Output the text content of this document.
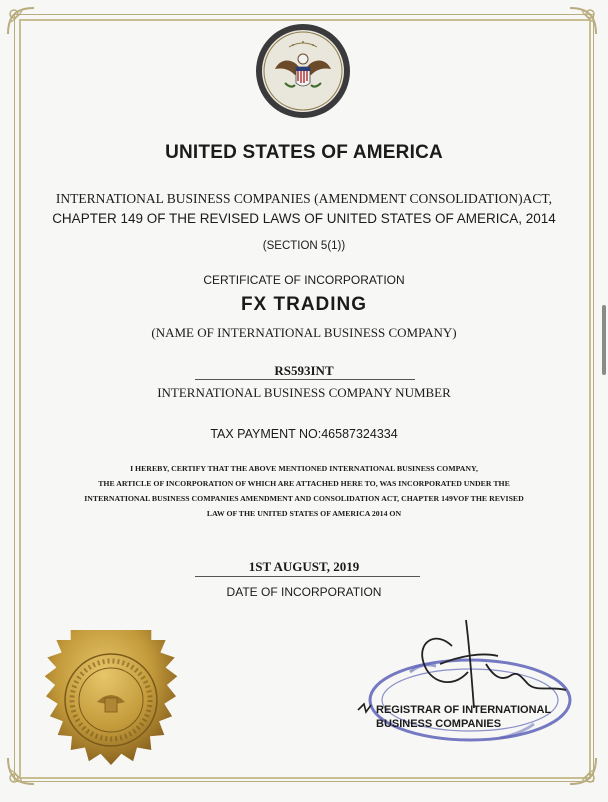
UNITED STATES OF AMERICA
INTERNATIONAL BUSINESS COMPANIES (AMENDMENT CONSOLIDATION)ACT,
CHAPTER 149 OF THE REVISED LAWS OF UNITED STATES OF AMERICA, 2014
(SECTION 5(1))
CERTIFICATE OF INCORPORATION
FX TRADING
(NAME OF INTERNATIONAL BUSINESS COMPANY)
RS593INT
INTERNATIONAL BUSINESS COMPANY NUMBER
TAX PAYMENT NO:46587324334
I HEREBY, CERTIFY THAT THE ABOVE MENTIONED INTERNATIONAL BUSINESS COMPANY,
THE ARTICLE OF INCORPORATION OF WHICH ARE ATTACHED HERE TO, WAS INCORPORATED UNDER THE
INTERNATIONAL BUSINESS COMPANIES AMENDMENT AND CONSOLIDATION ACT, CHAPTER 149VOF THE REVISED
LAW OF THE UNITED STATES OF AMERICA 2014 ON
1ST AUGUST, 2019
DATE OF INCORPORATION
REGISTRAR OF INTERNATIONAL
BUSINESS COMPANIES
